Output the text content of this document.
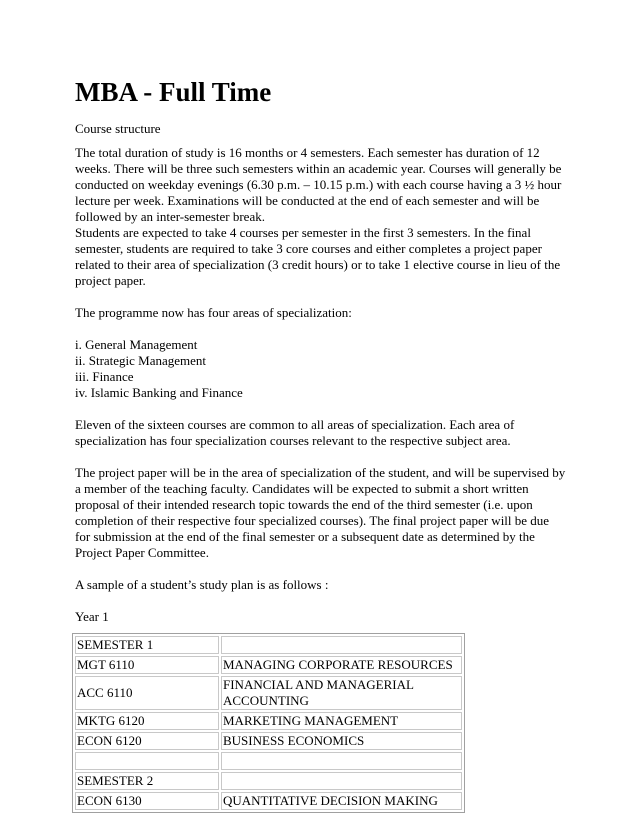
MBA - Full Time

Course structure

The total duration of study is 16 months or 4 semesters. Each semester has duration of 12 weeks. There will be three such semesters within an academic year. Courses will generally be conducted on weekday evenings (6.30 p.m. – 10.15 p.m.) with each course having a 3 ½ hour lecture per week. Examinations will be conducted at the end of each semester and will be followed by an inter-semester break.

Students are expected to take 4 courses per semester in the first 3 semesters. In the final semester, students are required to take 3 core courses and either completes a project paper related to their area of specialization (3 credit hours) or to take 1 elective course in lieu of the project paper.

The programme now has four areas of specialization:

i. General Management
ii. Strategic Management
iii. Finance
iv. Islamic Banking and Finance

Eleven of the sixteen courses are common to all areas of specialization. Each area of specialization has four specialization courses relevant to the respective subject area.

The project paper will be in the area of specialization of the student, and will be supervised by a member of the teaching faculty. Candidates will be expected to submit a short written proposal of their intended research topic towards the end of the third semester (i.e. upon completion of their respective four specialized courses). The final project paper will be due for submission at the end of the final semester or a subsequent date as determined by the Project Paper Committee.

A sample of a student’s study plan is as follows :

Year 1

SEMESTER 1	
MGT 6110	MANAGING CORPORATE RESOURCES
ACC 6110	FINANCIAL AND MANAGERIAL ACCOUNTING
MKTG 6120	MARKETING MANAGEMENT
ECON 6120	BUSINESS ECONOMICS

SEMESTER 2	
ECON 6130	QUANTITATIVE DECISION MAKING
